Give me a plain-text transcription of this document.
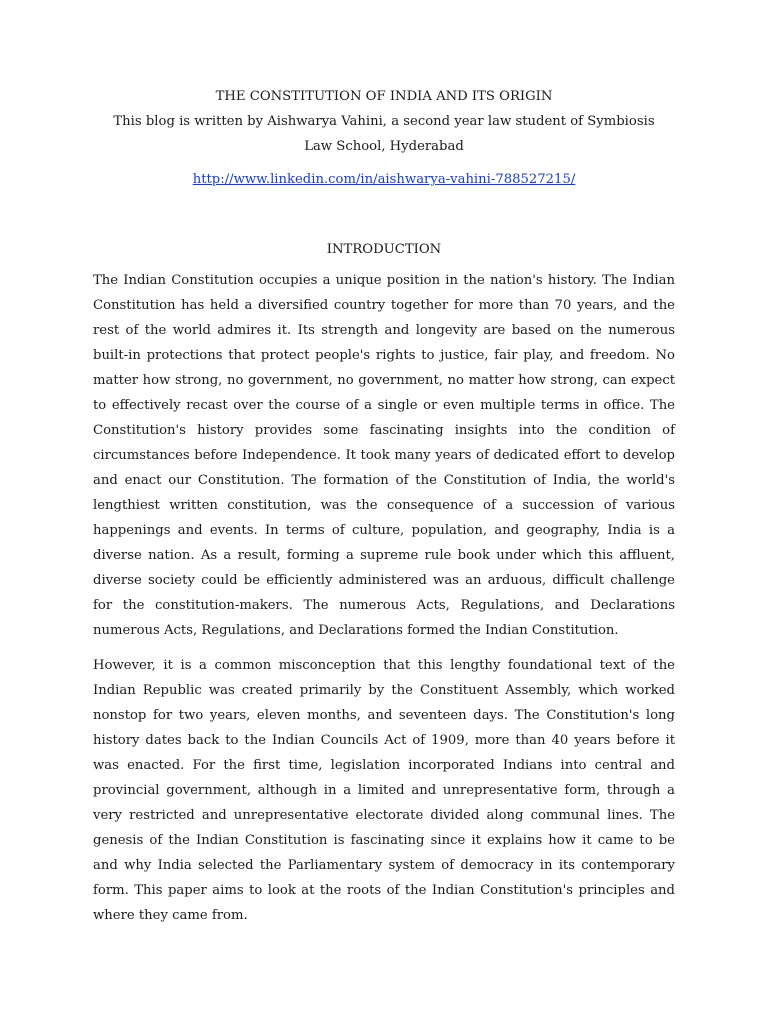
THE CONSTITUTION OF INDIA AND ITS ORIGIN

This blog is written by Aishwarya Vahini, a second year law student of Symbiosis Law School, Hyderabad

http://www.linkedin.com/in/aishwarya-vahini-788527215/

INTRODUCTION

The Indian Constitution occupies a unique position in the nation's history. The Indian Constitution has held a diversified country together for more than 70 years, and the rest of the world admires it. Its strength and longevity are based on the numerous built-in protections that protect people's rights to justice, fair play, and freedom. No matter how strong, no government, no government, no matter how strong, can expect to effectively recast over the course of a single or even multiple terms in office. The Constitution's history provides some fascinating insights into the condition of circumstances before Independence. It took many years of dedicated effort to develop and enact our Constitution. The formation of the Constitution of India, the world's lengthiest written constitution, was the consequence of a succession of various happenings and events. In terms of culture, population, and geography, India is a diverse nation. As a result, forming a supreme rule book under which this affluent, diverse society could be efficiently administered was an arduous, difficult challenge for the constitution-makers. The numerous Acts, Regulations, and Declarations numerous Acts, Regulations, and Declarations formed the Indian Constitution.

However, it is a common misconception that this lengthy foundational text of the Indian Republic was created primarily by the Constituent Assembly, which worked nonstop for two years, eleven months, and seventeen days. The Constitution's long history dates back to the Indian Councils Act of 1909, more than 40 years before it was enacted. For the first time, legislation incorporated Indians into central and provincial government, although in a limited and unrepresentative form, through a very restricted and unrepresentative electorate divided along communal lines. The genesis of the Indian Constitution is fascinating since it explains how it came to be and why India selected the Parliamentary system of democracy in its contemporary form. This paper aims to look at the roots of the Indian Constitution's principles and where they came from.
